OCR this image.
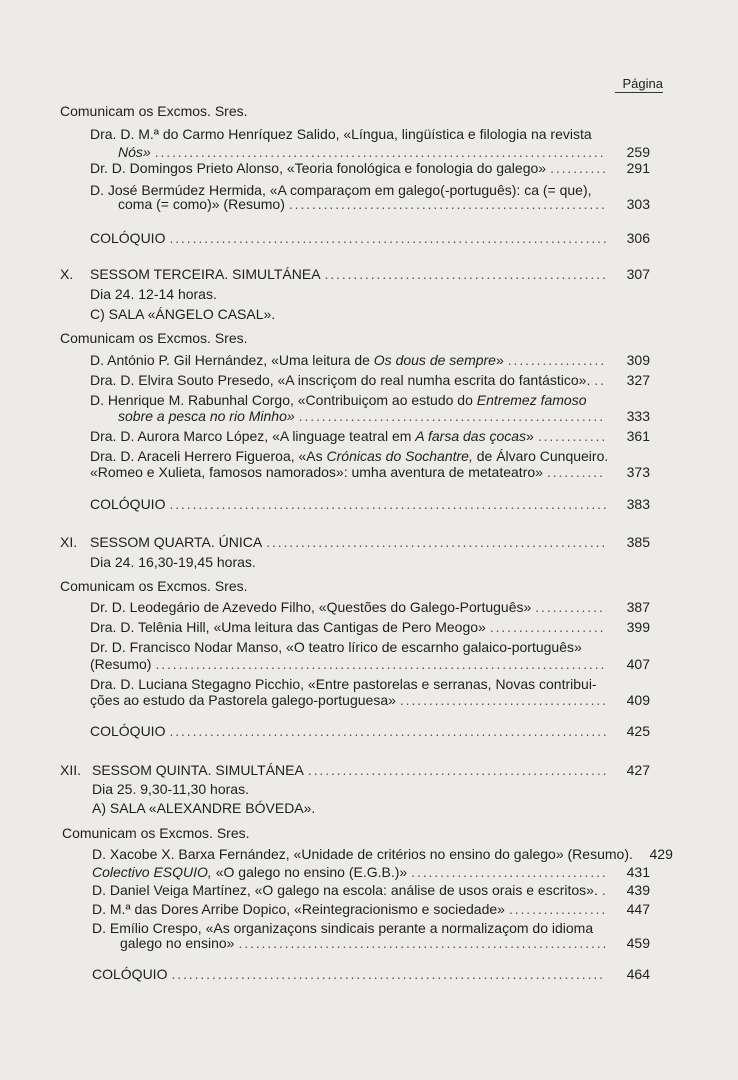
Página
Comunicam os Excmos. Sres.
Dra. D. M.ª do Carmo Henríquez Salido, «Língua, lingüística e filologia na revista
Nós» . . .	259
Dr. D. Domingos Prieto Alonso, «Teoria fonológica e fonologia do galego» . . .	291
D. José Bermúdez Hermida, «A comparaçom em galego(-português): ca (= que),
coma (= como)» (Resumo) . . .	303
COLÓQUIO . . .	306
X. SESSOM TERCEIRA. SIMULTÁNEA . . .	307
Dia 24. 12-14 horas.
C) SALA «ÁNGELO CASAL».
Comunicam os Excmos. Sres.
D. António P. Gil Hernández, «Uma leitura de Os dous de sempre» . . .	309
Dra. D. Elvira Souto Presedo, «A inscriçom do real numha escrita do fantástico». . . .	327
D. Henrique M. Rabunhal Corgo, «Contribuiçom ao estudo do Entremez famoso
sobre a pesca no rio Minho» . . .	333
Dra. D. Aurora Marco López, «A linguage teatral em A farsa das çocas» . . .	361
Dra. D. Araceli Herrero Figueroa, «As Crónicas do Sochantre, de Álvaro Cunqueiro.
«Romeo e Xulieta, famosos namorados»: umha aventura de metateatro» . . .	373
COLÓQUIO . . .	383
XI. SESSOM QUARTA. ÚNICA . . .	385
Dia 24. 16,30-19,45 horas.
Comunicam os Excmos. Sres.
Dr. D. Leodegário de Azevedo Filho, «Questões do Galego-Português» . . .	387
Dra. D. Telênia Hill, «Uma leitura das Cantigas de Pero Meogo» . . .	399
Dr. D. Francisco Nodar Manso, «O teatro lírico de escarnho galaico-português»
(Resumo) . . .	407
Dra. D. Luciana Stegagno Picchio, «Entre pastorelas e serranas, Novas contribui-
ções ao estudo da Pastorela galego-portuguesa» . . .	409
COLÓQUIO . . .	425
XII. SESSOM QUINTA. SIMULTÁNEA . . .	427
Dia 25. 9,30-11,30 horas.
A) SALA «ALEXANDRE BÓVEDA».
Comunicam os Excmos. Sres.
D. Xacobe X. Barxa Fernández, «Unidade de critérios no ensino do galego» (Resumo).	429
Colectivo ESQUIO, «O galego no ensino (E.G.B.)» . . .	431
D. Daniel Veiga Martínez, «O galego na escola: análise de usos orais e escritos». . . .	439
D. M.ª das Dores Arribe Dopico, «Reintegracionismo e sociedade» . . .	447
D. Emílio Crespo, «As organizaçons sindicais perante a normalizaçom do idioma
galego no ensino» . . .	459
COLÓQUIO . . .	464
